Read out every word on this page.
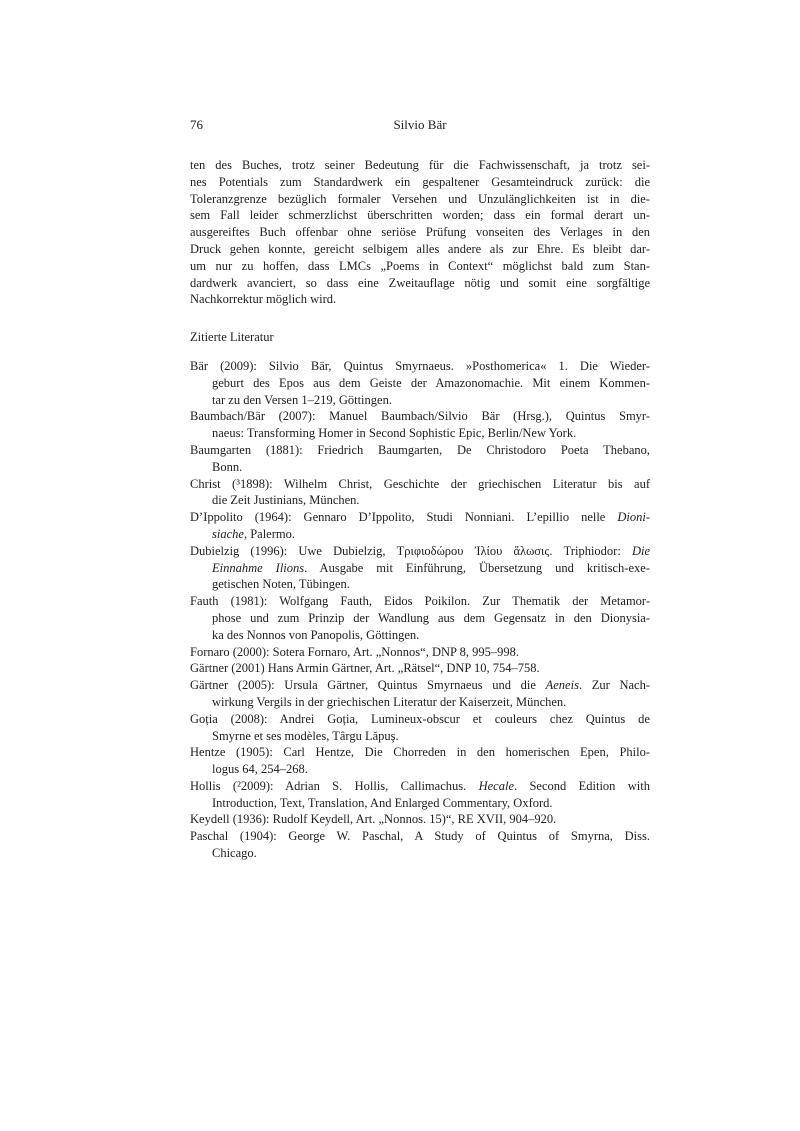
76	Silvio Bär
ten des Buches, trotz seiner Bedeutung für die Fachwissenschaft, ja trotz sei-
nes Potentials zum Standardwerk ein gespaltener Gesamteindruck zurück: die
Toleranzgrenze bezüglich formaler Versehen und Unzulänglichkeiten ist in die-
sem Fall leider schmerzlichst überschritten worden; dass ein formal derart un-
ausgereiftes Buch offenbar ohne seriöse Prüfung vonseiten des Verlages in den
Druck gehen konnte, gereicht selbigem alles andere als zur Ehre. Es bleibt dar-
um nur zu hoffen, dass LMCs „Poems in Context“ möglichst bald zum Stan-
dardwerk avanciert, so dass eine Zweitauflage nötig und somit eine sorgfältige
Nachkorrektur möglich wird.
Zitierte Literatur
Bär (2009): Silvio Bär, Quintus Smyrnaeus. »Posthomerica« 1. Die Wieder-
geburt des Epos aus dem Geiste der Amazonomachie. Mit einem Kommen-
tar zu den Versen 1–219, Göttingen.
Baumbach/Bär (2007): Manuel Baumbach/Silvio Bär (Hrsg.), Quintus Smyr-
naeus: Transforming Homer in Second Sophistic Epic, Berlin/New York.
Baumgarten (1881): Friedrich Baumgarten, De Christodoro Poeta Thebano,
Bonn.
Christ (³1898): Wilhelm Christ, Geschichte der griechischen Literatur bis auf
die Zeit Justinians, München.
D’Ippolito (1964): Gennaro D’Ippolito, Studi Nonniani. L’epillio nelle Dioni-
siache, Palermo.
Dubielzig (1996): Uwe Dubielzig, Τριφιοδώρου Ἰλίου ἅλωσις. Triphiodor: Die
Einnahme Ilions. Ausgabe mit Einführung, Übersetzung und kritisch-exe-
getischen Noten, Tübingen.
Fauth (1981): Wolfgang Fauth, Eidos Poikilon. Zur Thematik der Metamor-
phose und zum Prinzip der Wandlung aus dem Gegensatz in den Dionysia-
ka des Nonnos von Panopolis, Göttingen.
Fornaro (2000): Sotera Fornaro, Art. „Nonnos“, DNP 8, 995–998.
Gärtner (2001) Hans Armin Gärtner, Art. „Rätsel“, DNP 10, 754–758.
Gärtner (2005): Ursula Gärtner, Quintus Smyrnaeus und die Aeneis. Zur Nach-
wirkung Vergils in der griechischen Literatur der Kaiserzeit, München.
Goția (2008): Andrei Goția, Lumineux-obscur et couleurs chez Quintus de
Smyrne et ses modèles, Târgu Lăpuş.
Hentze (1905): Carl Hentze, Die Chorreden in den homerischen Epen, Philo-
logus 64, 254–268.
Hollis (²2009): Adrian S. Hollis, Callimachus. Hecale. Second Edition with
Introduction, Text, Translation, And Enlarged Commentary, Oxford.
Keydell (1936): Rudolf Keydell, Art. „Nonnos. 15)“, RE XVII, 904–920.
Paschal (1904): George W. Paschal, A Study of Quintus of Smyrna, Diss.
Chicago.
